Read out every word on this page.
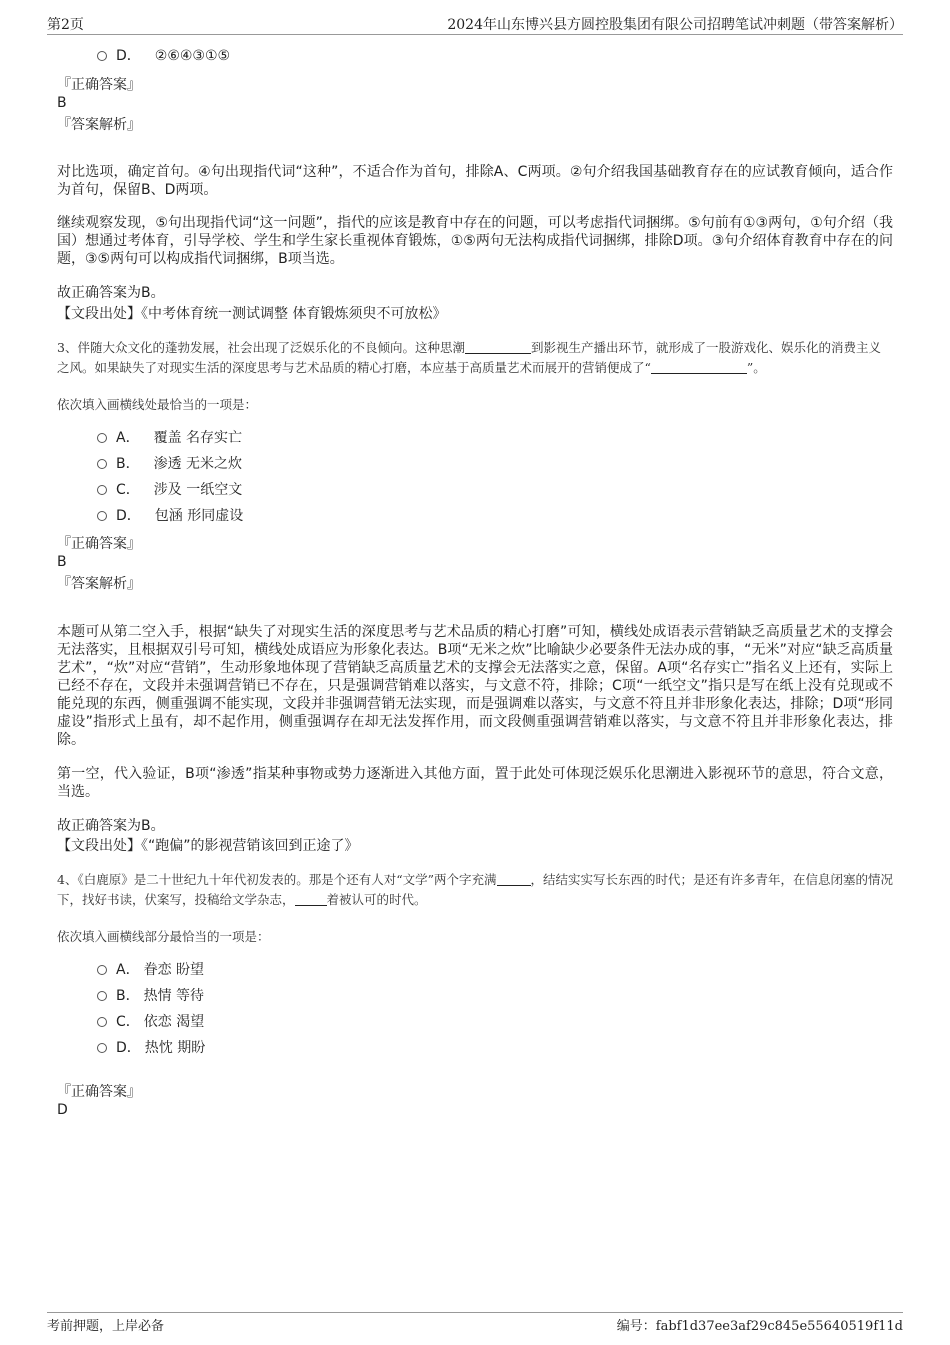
第2页	2024年山东博兴县方圆控股集团有限公司招聘笔试冲刺题（带答案解析）
D． ②⑥④③①⑤
『正确答案』
B
『答案解析』

对比选项，确定首句。④句出现指代词“这种”，不适合作为首句，排除A、C两项。②句介绍我国基础教育存在的应试教育倾向，适合作为首句，保留B、D两项。

继续观察发现，⑤句出现指代词“这一问题”，指代的应该是教育中存在的问题，可以考虑指代词捆绑。⑤句前有①③两句，①句介绍（我国）想通过考体育，引导学校、学生和学生家长重视体育锻炼，①⑤两句无法构成指代词捆绑，排除D项。③句介绍体育教育中存在的问题，③⑤两句可以构成指代词捆绑，B项当选。

故正确答案为B。

【文段出处】《中考体育统一测试调整 体育锻炼须臾不可放松》
3、伴随大众文化的蓬勃发展，社会出现了泛娱乐化的不良倾向。这种思潮	到影视生产播出环节，就形成了一股游戏化、娱乐化的消费主义之风。如果缺失了对现实生活的深度思考与艺术品质的精心打磨，本应基于高质量艺术而展开的营销便成了“	”。
依次填入画横线处最恰当的一项是：
A． 覆盖 名存实亡
B． 渗透 无米之炊
C． 涉及 一纸空文
D． 包涵 形同虚设
『正确答案』
B
『答案解析』

本题可从第二空入手，根据“缺失了对现实生活的深度思考与艺术品质的精心打磨”可知，横线处成语表示营销缺乏高质量艺术的支撑会无法落实，且根据双引号可知，横线处成语应为形象化表达。B项“无米之炊”比喻缺少必要条件无法办成的事，“无米”对应“缺乏高质量艺术”，“炊”对应“营销”，生动形象地体现了营销缺乏高质量艺术的支撑会无法落实之意，保留。A项“名存实亡”指名义上还有，实际上已经不存在，文段并未强调营销已不存在，只是强调营销难以落实，与文意不符，排除；C项“一纸空文”指只是写在纸上没有兑现或不能兑现的东西，侧重强调不能实现，文段并非强调营销无法实现，而是强调难以落实，与文意不符且并非形象化表达，排除；D项“形同虚设”指形式上虽有，却不起作用，侧重强调存在却无法发挥作用，而文段侧重强调营销难以落实，与文意不符且并非形象化表达，排除。

第一空，代入验证，B项“渗透”指某种事物或势力逐渐进入其他方面，置于此处可体现泛娱乐化思潮进入影视环节的意思，符合文意，当选。

故正确答案为B。

【文段出处】《“跑偏”的影视营销该回到正途了》
4、《白鹿原》是二十世纪九十年代初发表的。那是个还有人对“文学”两个字充满	，结结实实写长东西的时代；是还有许多青年，在信息闭塞的情况下，找好书读，伏案写，投稿给文学杂志，	着被认可的时代。
依次填入画横线部分最恰当的一项是：
A． 眷恋 盼望
B． 热情 等待
C． 依恋 渴望
D． 热忱 期盼
『正确答案』
D
考前押题，上岸必备	编号：fabf1d37ee3af29c845e55640519f11d
